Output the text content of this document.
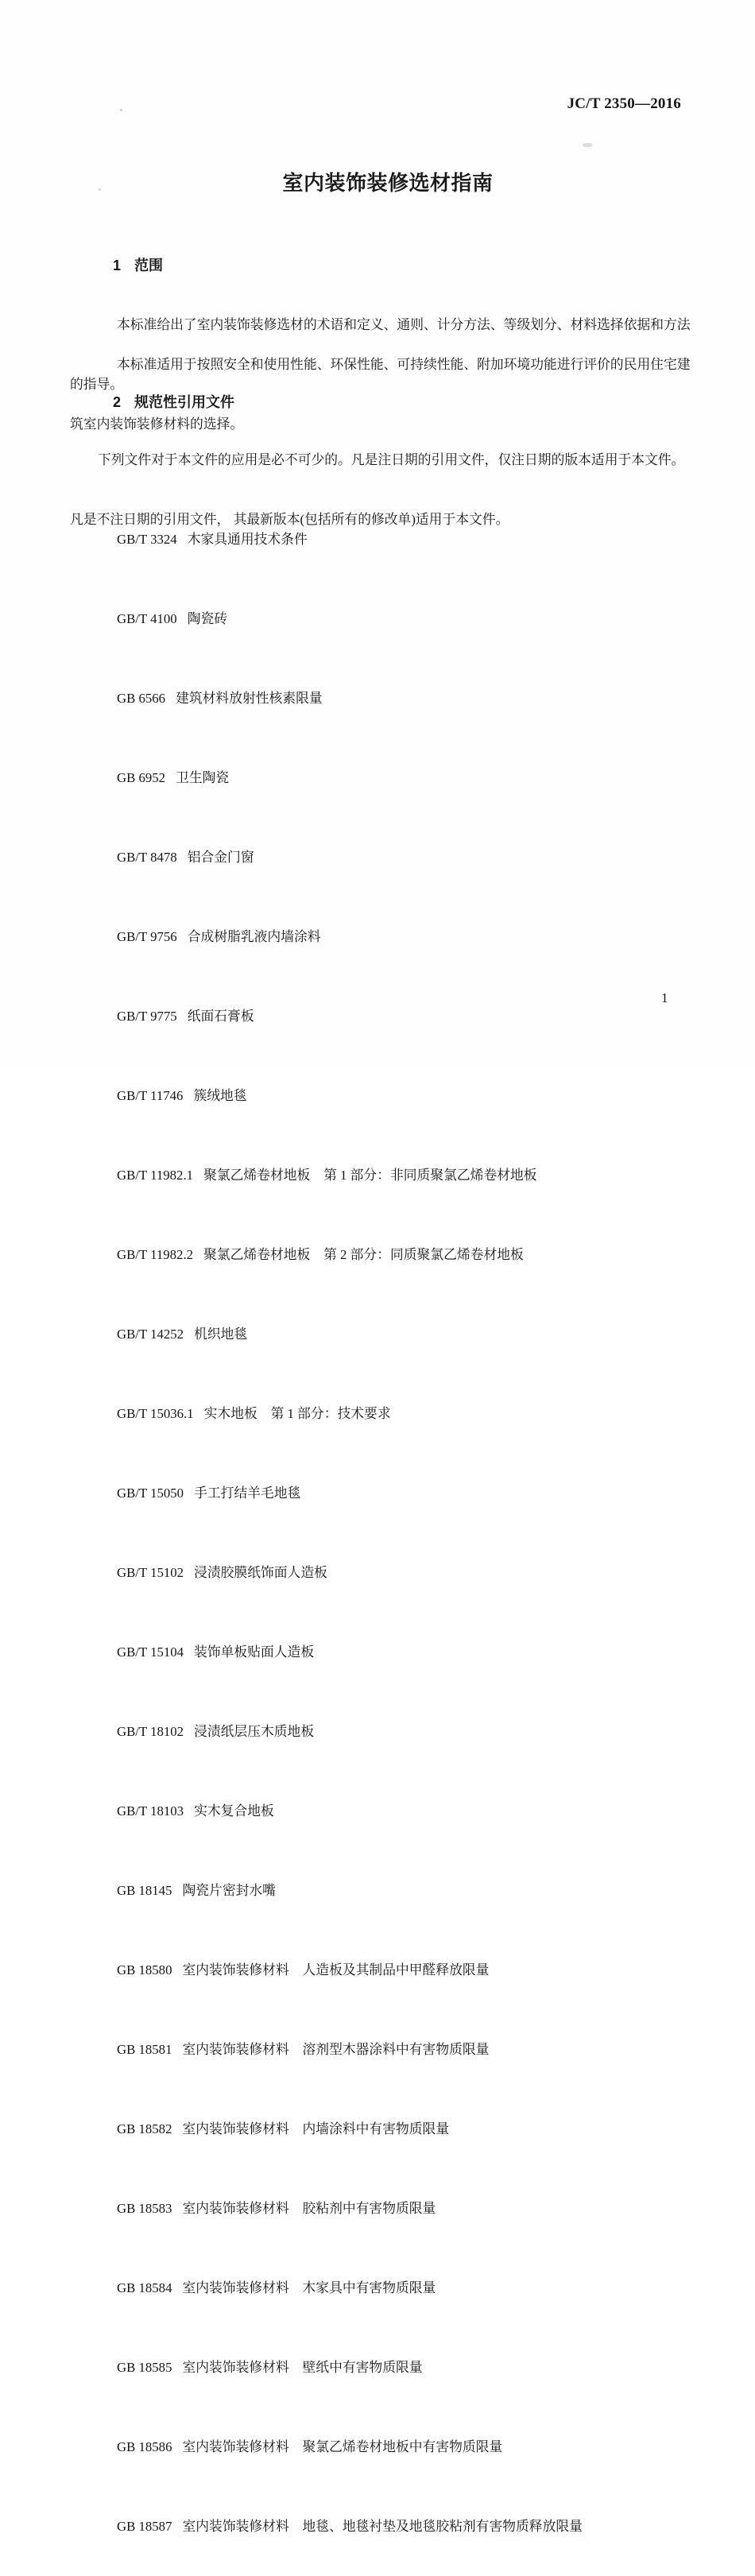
JC/T 2350—2016
室内装饰装修选材指南

1 范围

本标准给出了室内装饰装修选材的术语和定义、通则、计分方法、等级划分、材料选择依据和方法

的指导。

本标准适用于按照安全和使用性能、环保性能、可持续性能、附加环境功能进行评价的民用住宅建

筑室内装饰装修材料的选择。

2 规范性引用文件

下列文件对于本文件的应用是必不可少的。凡是注日期的引用文件，仅注日期的版本适用于本文件。

凡是不注日期的引用文件， 其最新版本(包括所有的修改单)适用于本文件。

GB/T 3324 木家具通用技术条件

GB/T 4100 陶瓷砖

GB 6566 建筑材料放射性核素限量

GB 6952 卫生陶瓷

GB/T 8478 铝合金门窗

GB/T 9756 合成树脂乳液内墙涂料

GB/T 9775 纸面石膏板

GB/T 11746 簇绒地毯

GB/T 11982.1 聚氯乙烯卷材地板　第 1 部分：非同质聚氯乙烯卷材地板

GB/T 11982.2 聚氯乙烯卷材地板　第 2 部分：同质聚氯乙烯卷材地板

GB/T 14252 机织地毯

GB/T 15036.1 实木地板　第 1 部分：技术要求

GB/T 15050 手工打结羊毛地毯

GB/T 15102 浸渍胶膜纸饰面人造板

GB/T 15104 装饰单板贴面人造板

GB/T 18102 浸渍纸层压木质地板

GB/T 18103 实木复合地板

GB 18145 陶瓷片密封水嘴

GB 18580 室内装饰装修材料　人造板及其制品中甲醛释放限量

GB 18581 室内装饰装修材料　溶剂型木器涂料中有害物质限量

GB 18582 室内装饰装修材料　内墙涂料中有害物质限量

GB 18583 室内装饰装修材料　胶粘剂中有害物质限量

GB 18584 室内装饰装修材料　木家具中有害物质限量

GB 18585 室内装饰装修材料　壁纸中有害物质限量

GB 18586 室内装饰装修材料　聚氯乙烯卷材地板中有害物质限量

GB 18587 室内装饰装修材料　地毯、地毯衬垫及地毯胶粘剂有害物质释放限量

1
